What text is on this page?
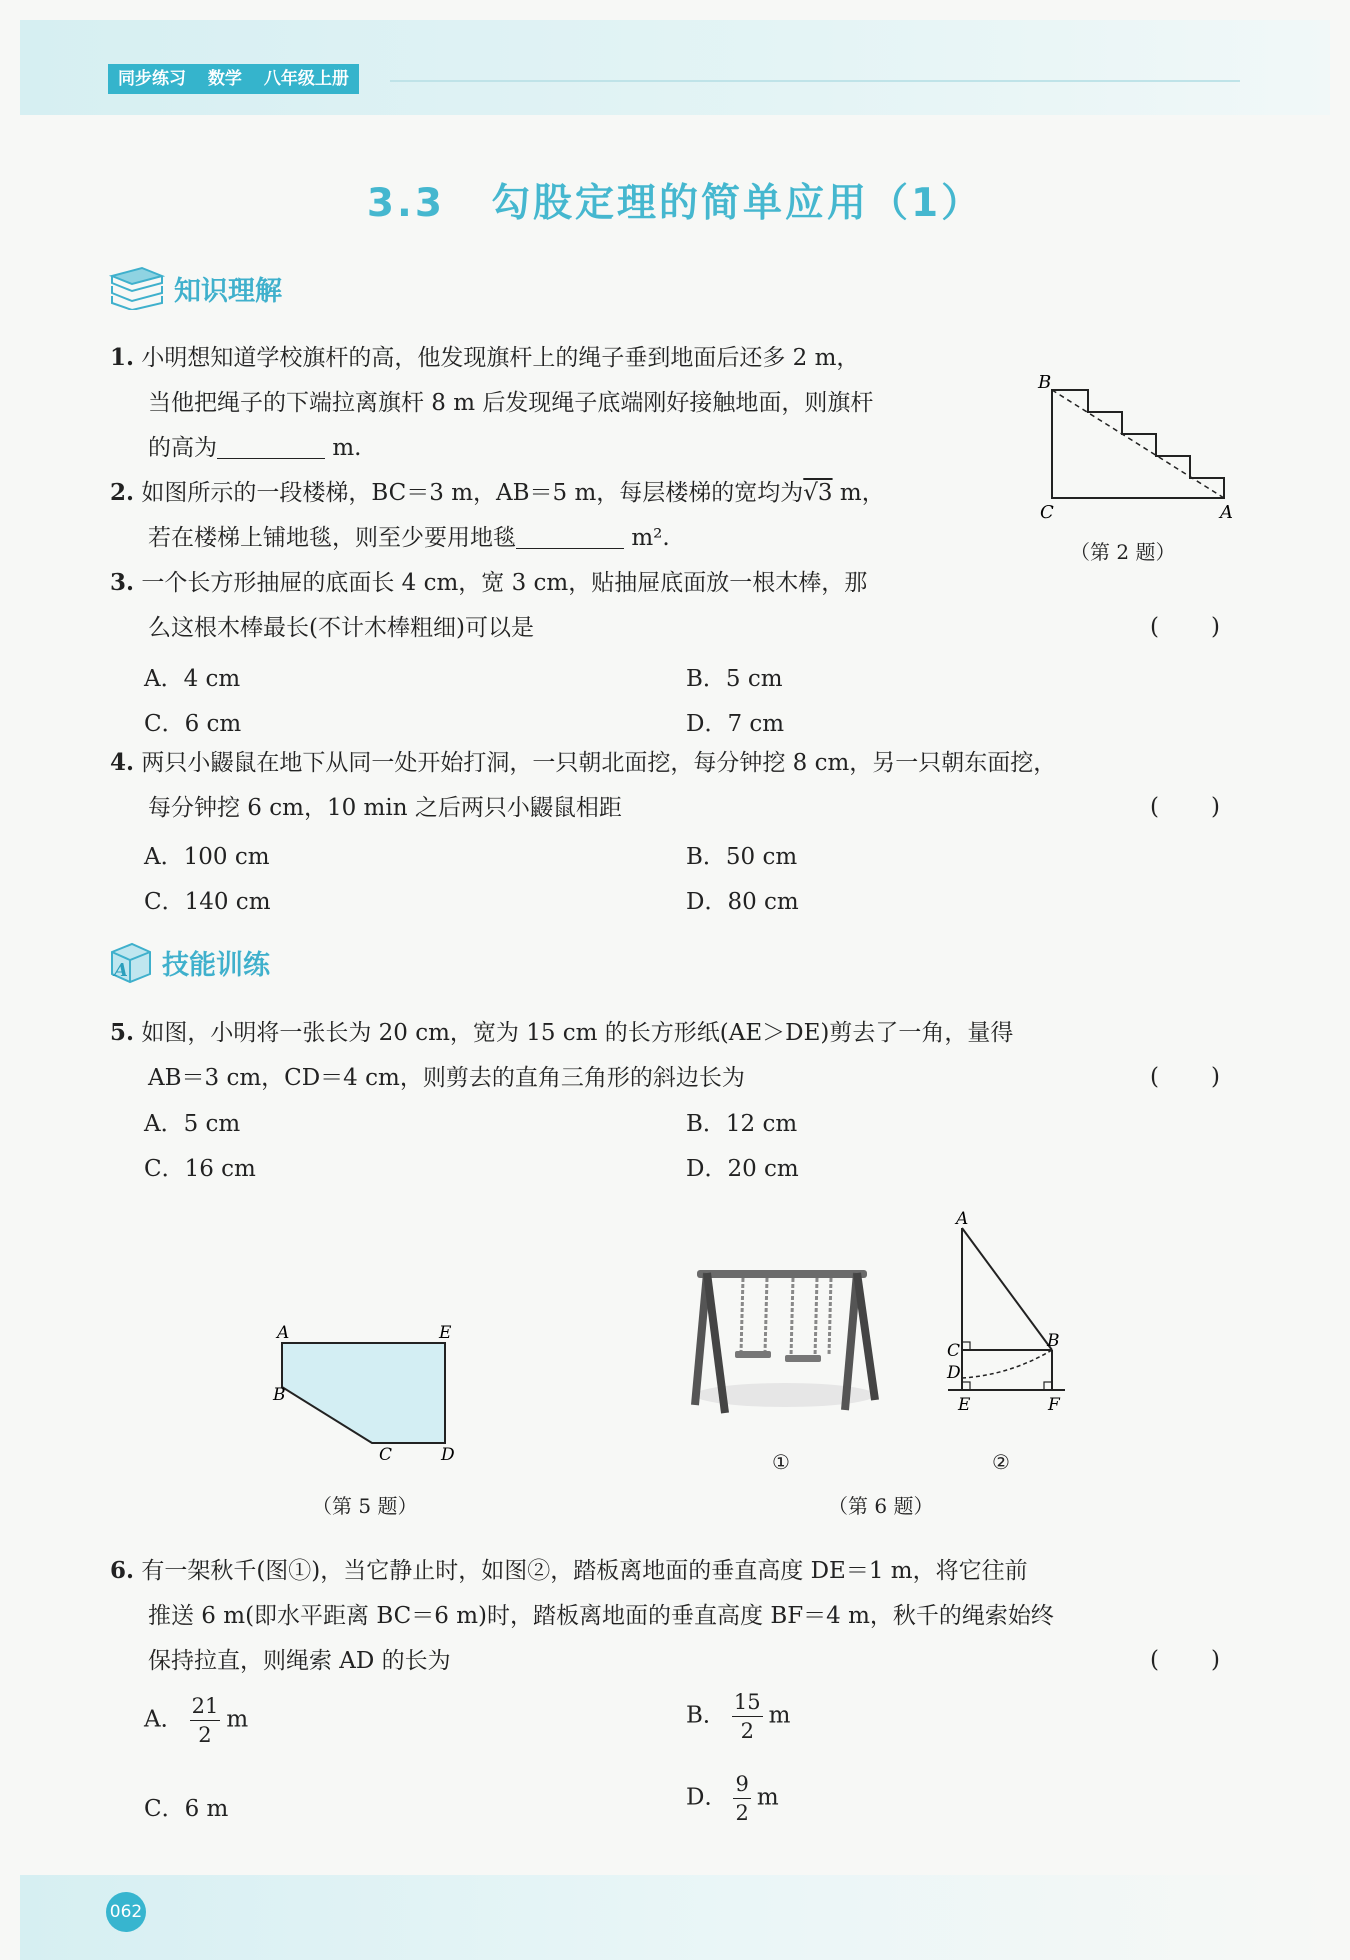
同步练习 数学 八年级上册
3.3 勾股定理的简单应用（1）
知识理解
1. 小明想知道学校旗杆的高，他发现旗杆上的绳子垂到地面后还多 2 m，
当他把绳子的下端拉离旗杆 8 m 后发现绳子底端刚好接触地面，则旗杆
的高为	m.
2. 如图所示的一段楼梯，BC＝3 m，AB＝5 m，每层楼梯的宽均为√3 m，
若在楼梯上铺地毯，则至少要用地毯	m².
B
C	A
（第 2 题）
3. 一个长方形抽屉的底面长 4 cm，宽 3 cm，贴抽屉底面放一根木棒，那
么这根木棒最长(不计木棒粗细)可以是	(　　)
A．4 cm	B．5 cm
C．6 cm	D．7 cm
4. 两只小鼹鼠在地下从同一处开始打洞，一只朝北面挖，每分钟挖 8 cm，另一只朝东面挖，
每分钟挖 6 cm，10 min 之后两只小鼹鼠相距	(　　)
A．100 cm	B．50 cm
C．140 cm	D．80 cm
A 技能训练
5. 如图，小明将一张长为 20 cm，宽为 15 cm 的长方形纸(AE＞DE)剪去了一角，量得
AB＝3 cm，CD＝4 cm，则剪去的直角三角形的斜边长为	(　　)
A．5 cm	B．12 cm
C．16 cm	D．20 cm
A	E
B
C	D
（第 5 题）
①
A
B
C
D
E	F
②
（第 6 题）
6. 有一架秋千(图①)，当它静止时，如图②，踏板离地面的垂直高度 DE＝1 m，将它往前
推送 6 m(即水平距离 BC＝6 m)时，踏板离地面的垂直高度 BF＝4 m，秋千的绳索始终
保持拉直，则绳索 AD 的长为	(　　)
A． $\frac{21}{2}$ m	B． $\frac{15}{2}$ m
C．6 m	D． $\frac{9}{2}$ m
062
